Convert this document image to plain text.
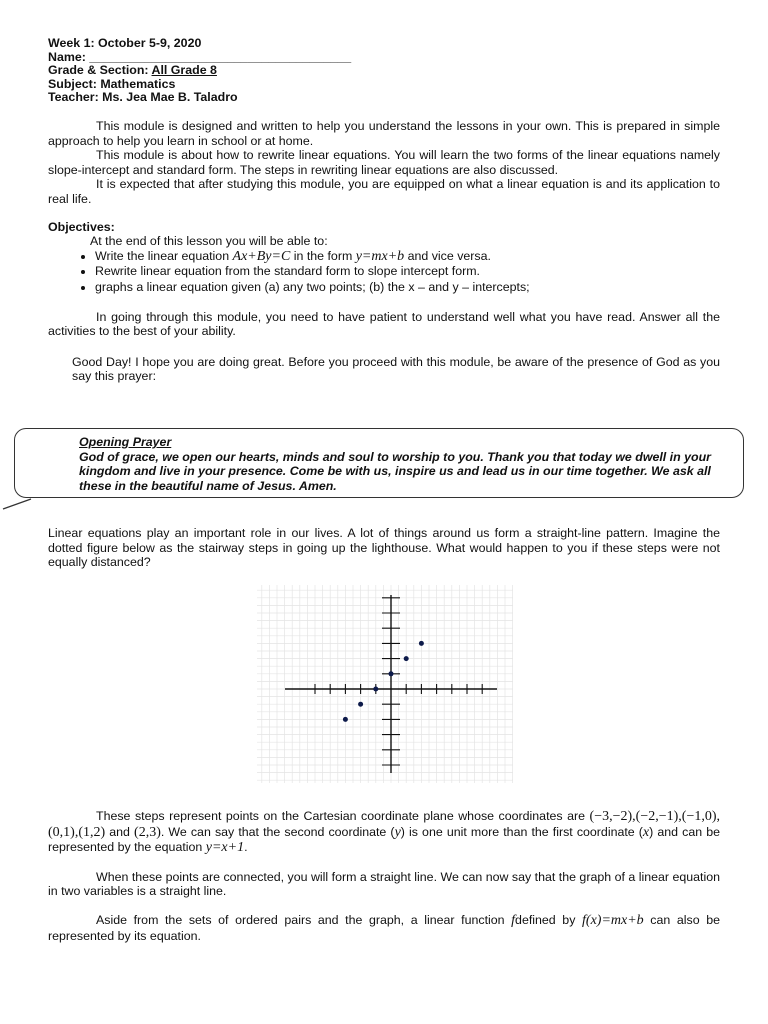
Week 1: October 5-9, 2020
Name: ______________________________________
Grade & Section: All Grade 8
Subject: Mathematics
Teacher: Ms. Jea Mae B. Taladro

This module is designed and written to help you understand the lessons in your own. This is prepared in simple approach to help you learn in school or at home.

This module is about how to rewrite linear equations. You will learn the two forms of the linear equations namely slope-intercept and standard form. The steps in rewriting linear equations are also discussed.

It is expected that after studying this module, you are equipped on what a linear equation is and its application to real life.

Objectives:

At the end of this lesson you will be able to:

• Write the linear equation Ax+By=C in the form y=mx+b and vice versa.
• Rewrite linear equation from the standard form to slope intercept form.
• graphs a linear equation given (a) any two points; (b) the x – and y – intercepts;

In going through this module, you need to have patient to understand well what you have read. Answer all the activities to the best of your ability.

Good Day! I hope you are doing great. Before you proceed with this module, be aware of the presence of God as you say this prayer:

Opening Prayer
God of grace, we open our hearts, minds and soul to worship to you. Thank you that today we dwell in your kingdom and live in your presence. Come be with us, inspire us and lead us in our time together. We ask all these in the beautiful name of Jesus. Amen.

Linear equations play an important role in our lives. A lot of things around us form a straight-line pattern. Imagine the dotted figure below as the stairway steps in going up the lighthouse. What would happen to you if these steps were not equally distanced?

These steps represent points on the Cartesian coordinate plane whose coordinates are (−3,−2),(−2,−1),(−1,0),(0,1),(1,2) and (2,3). We can say that the second coordinate (y) is one unit more than the first coordinate (x) and can be represented by the equation y=x+1.

When these points are connected, you will form a straight line. We can now say that the graph of a linear equation in two variables is a straight line.

Aside from the sets of ordered pairs and the graph, a linear function fdefined by f(x)=mx+b can also be represented by its equation.
